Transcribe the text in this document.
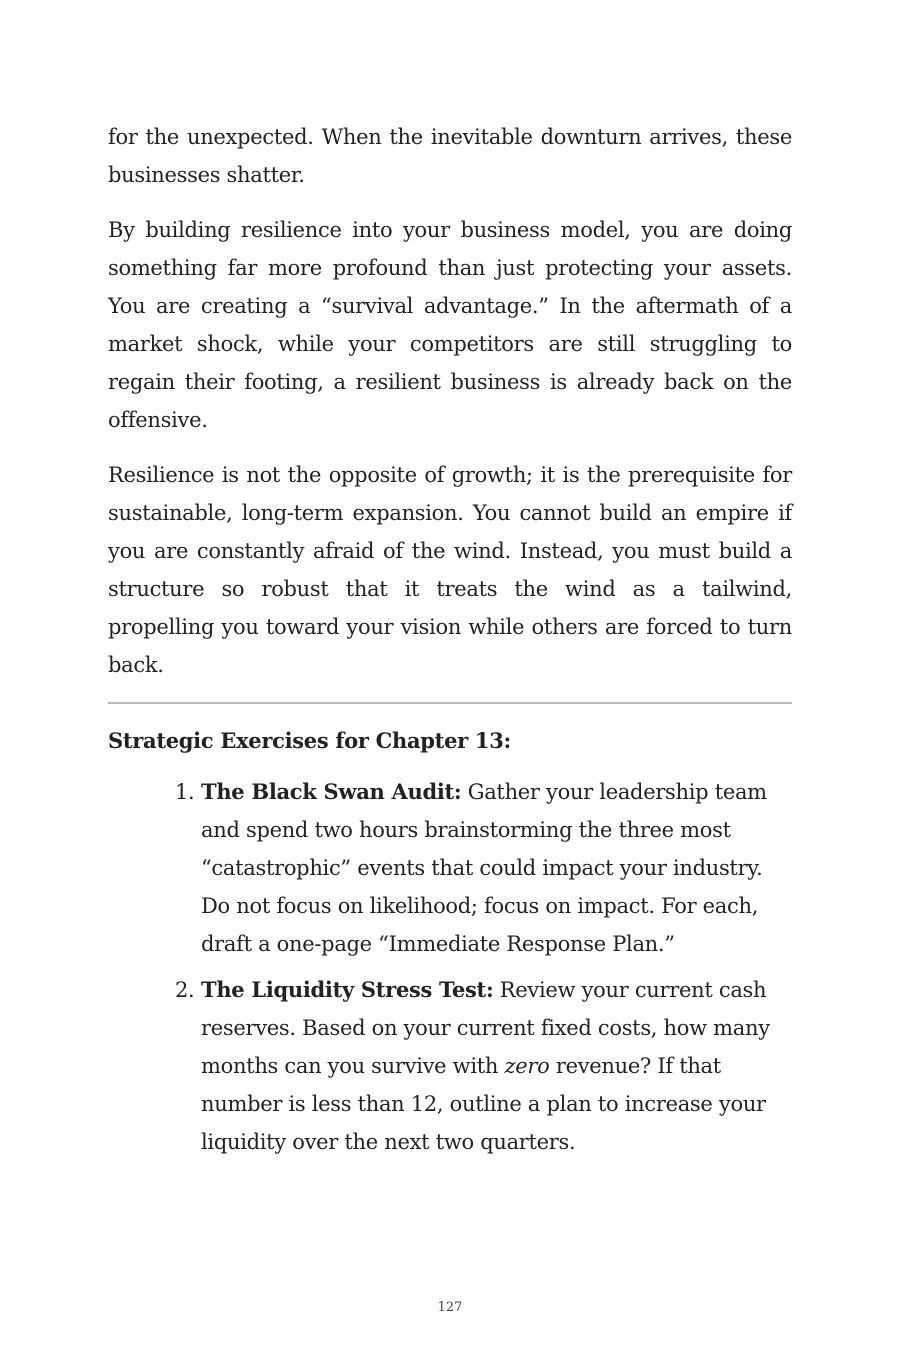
for the unexpected. When the inevitable downturn arrives, these businesses shatter.

By building resilience into your business model, you are doing something far more profound than just protecting your assets. You are creating a “survival advantage.” In the aftermath of a market shock, while your competitors are still struggling to regain their footing, a resilient business is already back on the offensive.

Resilience is not the opposite of growth; it is the prerequisite for sustainable, long-term expansion. You cannot build an empire if you are constantly afraid of the wind. Instead, you must build a structure so robust that it treats the wind as a tailwind, propelling you toward your vision while others are forced to turn back.

Strategic Exercises for Chapter 13:
1. The Black Swan Audit: Gather your leadership team and spend two hours brainstorming the three most “catastrophic” events that could impact your industry. Do not focus on likelihood; focus on impact. For each, draft a one-page “Immediate Response Plan.”
2. The Liquidity Stress Test: Review your current cash reserves. Based on your current fixed costs, how many months can you survive with zero revenue? If that number is less than 12, outline a plan to increase your liquidity over the next two quarters.
127
